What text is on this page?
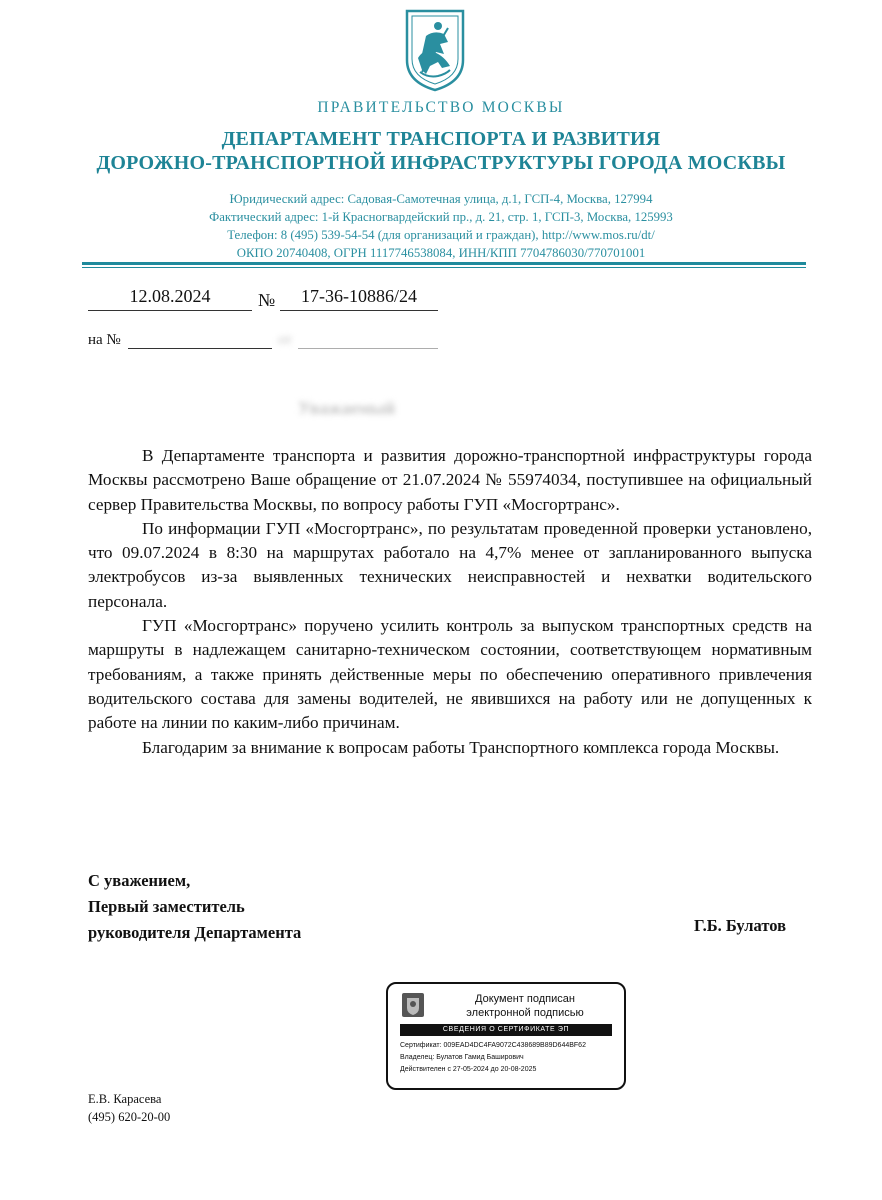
ПРАВИТЕЛЬСТВО МОСКВЫ
ДЕПАРТАМЕНТ ТРАНСПОРТА И РАЗВИТИЯ
ДОРОЖНО-ТРАНСПОРТНОЙ ИНФРАСТРУКТУРЫ ГОРОДА МОСКВЫ
Юридический адрес: Садовая-Самотечная улица, д.1, ГСП-4, Москва, 127994
Фактический адрес: 1-й Красногвардейский пр., д. 21, стр. 1, ГСП-3, Москва, 125993
Телефон: 8 (495) 539-54-54 (для организаций и граждан), http://www.mos.ru/dt/
ОКПО 20740408, ОГРН 1117746538084, ИНН/КПП 7704786030/770701001
12.08.2024	№	17-36-10886/24
на №	от
Уважаемый

В Департаменте транспорта и развития дорожно-транспортной инфраструктуры города Москвы рассмотрено Ваше обращение от 21.07.2024 № 55974034, поступившее на официальный сервер Правительства Москвы, по вопросу работы ГУП «Мосгортранс».

По информации ГУП «Мосгортранс», по результатам проведенной проверки установлено, что 09.07.2024 в 8:30 на маршрутах работало на 4,7% менее от запланированного выпуска электробусов из-за выявленных технических неисправностей и нехватки водительского персонала.

ГУП «Мосгортранс» поручено усилить контроль за выпуском транспортных средств на маршруты в надлежащем санитарно-техническом состоянии, соответствующем нормативным требованиям, а также принять действенные меры по обеспечению оперативного привлечения водительского состава для замены водителей, не явившихся на работу или не допущенных к работе на линии по каким-либо причинам.

Благодарим за внимание к вопросам работы Транспортного комплекса города Москвы.

С уважением,
Первый заместитель
руководителя Департамента	Г.Б. Булатов
Документ подписан
электронной подписью
СВЕДЕНИЯ О СЕРТИФИКАТЕ ЭП
Сертификат: 009EAD4DC4FA9072C438689B89D644BF62
Владелец: Булатов Гамид Баширович
Действителен с 27-05-2024 до 20-08-2025
Е.В. Карасева
(495) 620-20-00
